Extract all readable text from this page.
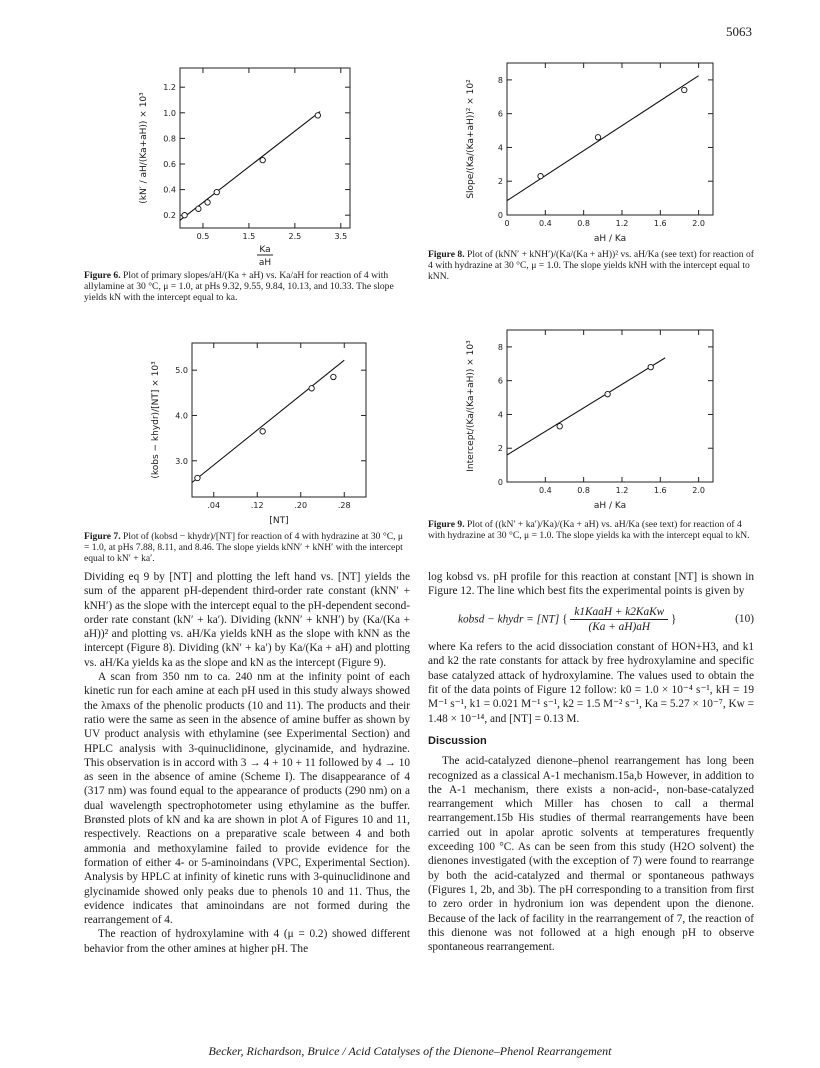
5063
0.5	1.5	2.5	3.5
0.2
0.4
0.6
0.8
1.0
1.2
Ka
aH
(kN′ / aH/(Ka+aH)) × 10³
Figure 6. Plot of primary slopes/aH/(Ka + aH) vs. Ka/aH for reaction of 4 with allylamine at 30 °C, μ = 1.0, at pHs 9.32, 9.55, 9.84, 10.13, and 10.33. The slope yields kN with the intercept equal to ka.
.04	.12	.20	.28
3.0
4.0
5.0
[NT]
(kobs − khydr)/[NT] × 10³
Figure 7. Plot of (kobsd − khydr)/[NT] for reaction of 4 with hydrazine at 30 °C, μ = 1.0, at pHs 7.88, 8.11, and 8.46. The slope yields kNN′ + kNH′ with the intercept equal to kN′ + ka′.
0	0.4	0.8	1.2	1.6	2.0
0
2
4
6
8
aH / Ka
Slope/(Ka/(Ka+aH))² × 10²
Figure 8. Plot of (kNN′ + kNH′)/(Ka/(Ka + aH))² vs. aH/Ka (see text) for reaction of 4 with hydrazine at 30 °C, μ = 1.0. The slope yields kNH with the intercept equal to kNN.
0.4	0.8	1.2	1.6	2.0
0
2
4
6
8
aH / Ka
Intercept/(Ka/(Ka+aH)) × 10³
Figure 9. Plot of ((kN′ + ka′)/Ka)/(Ka + aH) vs. aH/Ka (see text) for reaction of 4 with hydrazine at 30 °C, μ = 1.0. The slope yields ka with the intercept equal to kN.

Dividing eq 9 by [NT] and plotting the left hand vs. [NT] yields the sum of the apparent pH-dependent third-order rate constant (kNN′ + kNH′) as the slope with the intercept equal to the pH-dependent second-order rate constant (kN′ + ka′). Dividing (kNN′ + kNH′) by (Ka/(Ka + aH))² and plotting vs. aH/Ka yields kNH as the slope with kNN as the intercept (Figure 8). Dividing (kN′ + ka′) by Ka/(Ka + aH) and plotting vs. aH/Ka yields ka as the slope and kN as the intercept (Figure 9).

A scan from 350 nm to ca. 240 nm at the infinity point of each kinetic run for each amine at each pH used in this study always showed the λmaxs of the phenolic products (10 and 11). The products and their ratio were the same as seen in the absence of amine buffer as shown by UV product analysis with ethylamine (see Experimental Section) and HPLC analysis with 3-quinuclidinone, glycinamide, and hydrazine. This observation is in accord with 3 → 4 + 10 + 11 followed by 4 → 10 as seen in the absence of amine (Scheme I). The disappearance of 4 (317 nm) was found equal to the appearance of products (290 nm) on a dual wavelength spectrophotometer using ethylamine as the buffer. Brønsted plots of kN and ka are shown in plot A of Figures 10 and 11, respectively. Reactions on a preparative scale between 4 and both ammonia and methoxylamine failed to provide evidence for the formation of either 4- or 5-aminoindans (VPC, Experimental Section). Analysis by HPLC at infinity of kinetic runs with 3-quinuclidinone and glycinamide showed only peaks due to phenols 10 and 11. Thus, the evidence indicates that aminoindans are not formed during the rearrangement of 4.

The reaction of hydroxylamine with 4 (μ = 0.2) showed different behavior from the other amines at higher pH. The

log kobsd vs. pH profile for this reaction at constant [NT] is shown in Figure 12. The line which best fits the experimental points is given by

kobsd − khydr = [NT] { $\frac{\text{k1KaaH + k2KaKw}}{(Ka + aH)aH}$ }	(10)

where Ka refers to the acid dissociation constant of HON+H3, and k1 and k2 the rate constants for attack by free hydroxylamine and specific base catalyzed attack of hydroxylamine. The values used to obtain the fit of the data points of Figure 12 follow: k0 = 1.0 × 10⁻⁴ s⁻¹, kH = 19 M⁻¹ s⁻¹, k1 = 0.021 M⁻¹ s⁻¹, k2 = 1.5 M⁻² s⁻¹, Ka = 5.27 × 10⁻⁷, Kw = 1.48 × 10⁻¹⁴, and [NT] = 0.13 M.

Discussion

The acid-catalyzed dienone–phenol rearrangement has long been recognized as a classical A-1 mechanism.15a,b However, in addition to the A-1 mechanism, there exists a non-acid-, non-base-catalyzed rearrangement which Miller has chosen to call a thermal rearrangement.15b His studies of thermal rearrangements have been carried out in apolar aprotic solvents at temperatures frequently exceeding 100 °C. As can be seen from this study (H2O solvent) the dienones investigated (with the exception of 7) were found to rearrange by both the acid-catalyzed and thermal or spontaneous pathways (Figures 1, 2b, and 3b). The pH corresponding to a transition from first to zero order in hydronium ion was dependent upon the dienone. Because of the lack of facility in the rearrangement of 7, the reaction of this dienone was not followed at a high enough pH to observe spontaneous rearrangement.

Becker, Richardson, Bruice / Acid Catalyses of the Dienone–Phenol Rearrangement
